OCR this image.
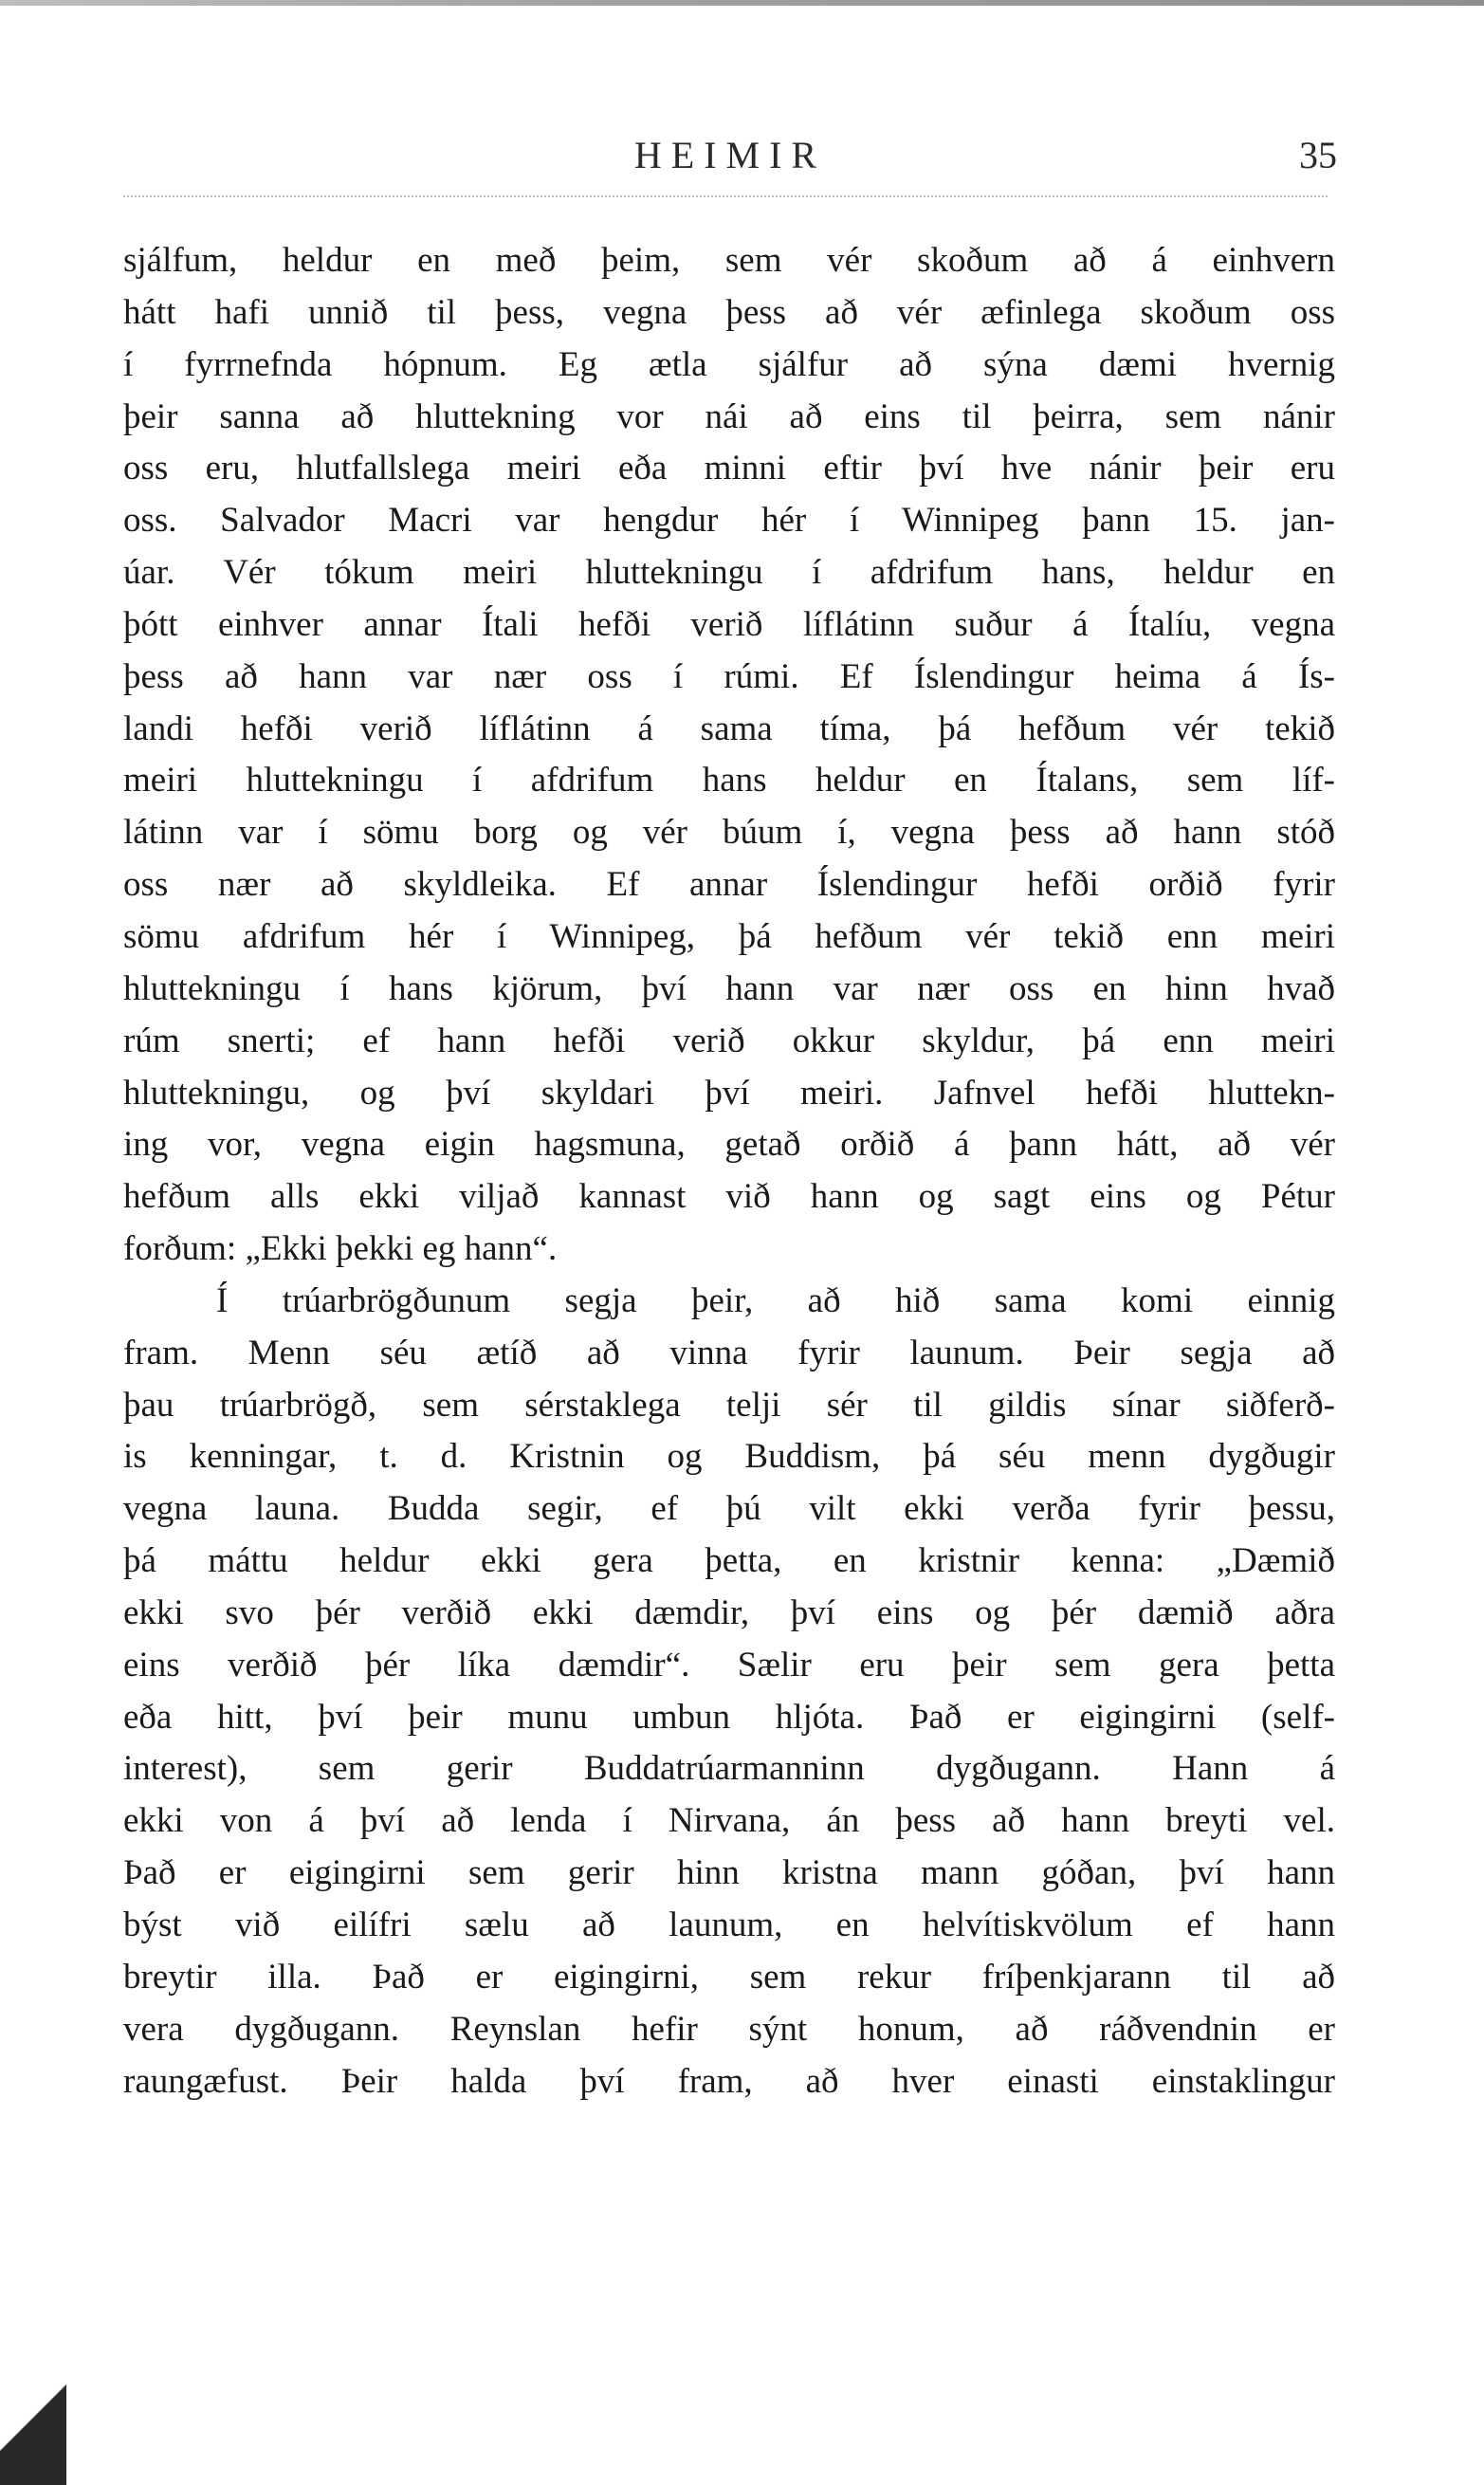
HEIMIR	35
sjálfum, heldur en með þeim, sem vér skoðum að á einhvern
hátt hafi unnið til þess, vegna þess að vér æfinlega skoðum oss
í fyrrnefnda hópnum. Eg ætla sjálfur að sýna dæmi hvernig
þeir sanna að hluttekning vor nái að eins til þeirra, sem nánir
oss eru, hlutfallslega meiri eða minni eftir því hve nánir þeir eru
oss. Salvador Macri var hengdur hér í Winnipeg þann 15. jan-
úar. Vér tókum meiri hluttekningu í afdrifum hans, heldur en
þótt einhver annar Ítali hefði verið líflátinn suður á Ítalíu, vegna
þess að hann var nær oss í rúmi. Ef Íslendingur heima á Ís-
landi hefði verið líflátinn á sama tíma, þá hefðum vér tekið
meiri hluttekningu í afdrifum hans heldur en Ítalans, sem líf-
látinn var í sömu borg og vér búum í, vegna þess að hann stóð
oss nær að skyldleika. Ef annar Íslendingur hefði orðið fyrir
sömu afdrifum hér í Winnipeg, þá hefðum vér tekið enn meiri
hluttekningu í hans kjörum, því hann var nær oss en hinn hvað
rúm snerti; ef hann hefði verið okkur skyldur, þá enn meiri
hluttekningu, og því skyldari því meiri. Jafnvel hefði hluttekn-
ing vor, vegna eigin hagsmuna, getað orðið á þann hátt, að vér
hefðum alls ekki viljað kannast við hann og sagt eins og Pétur
forðum: „Ekki þekki eg hann“.
Í trúarbrögðunum segja þeir, að hið sama komi einnig
fram. Menn séu ætíð að vinna fyrir launum. Þeir segja að
þau trúarbrögð, sem sérstaklega telji sér til gildis sínar siðferð-
is kenningar, t. d. Kristnin og Buddism, þá séu menn dygðugir
vegna launa. Budda segir, ef þú vilt ekki verða fyrir þessu,
þá máttu heldur ekki gera þetta, en kristnir kenna: „Dæmið
ekki svo þér verðið ekki dæmdir, því eins og þér dæmið aðra
eins verðið þér líka dæmdir“. Sælir eru þeir sem gera þetta
eða hitt, því þeir munu umbun hljóta. Það er eigingirni (self-
interest), sem gerir Buddatrúarmanninn dygðugann. Hann á
ekki von á því að lenda í Nirvana, án þess að hann breyti vel.
Það er eigingirni sem gerir hinn kristna mann góðan, því hann
býst við eilífri sælu að launum, en helvítiskvölum ef hann
breytir illa. Það er eigingirni, sem rekur fríþenkjarann til að
vera dygðugann. Reynslan hefir sýnt honum, að ráðvendnin er
raungæfust. Þeir halda því fram, að hver einasti einstaklingur
